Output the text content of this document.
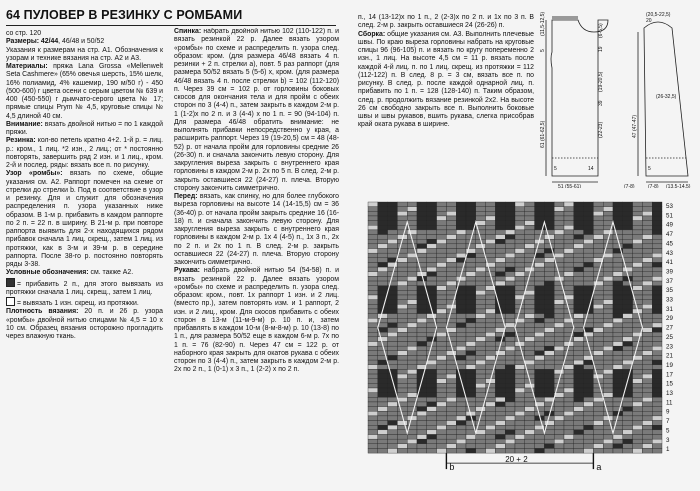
64 ПУЛОВЕР В РЕЗИНКУ С РОМБАМИ

со стр. 120

Размеры: 42/44, 46/48 и 50/52

Указания к размерам на стр. А1. Обозначения к узорам и технике вязания на стр. А2 и А3.

Материалы: пряжа Lana Grossa «Mellenwelt Seta Cashmere» (65% овечья шерсть, 15% шелк, 16% полиамид, 4% кашемир, 190 м/50 г) - 450 (500-600) г цвета осени с серым цветом № 639 и 400 (450-550) г дымчато-серого цвета № 17; прямые спицы Prym № 4,5, круговые спицы № 4,5 длиной 40 см.

Внимание: вязать двойной нитью = по 1 каждой пряжи.

Резинка: кол-во петель кратно 4+2. 1-й р. = лиц. р.: кром., 1 лиц. *2 изн., 2 лиц.; от * постоянно повторять, завершить ряд 2 изн. и 1 лиц., кром. 2-й и послед. ряды: вязать все п. по рисунку.

Узор «ромбы»: вязать по схеме, общие указания см. А2. Раппорт помечен на схеме от стрелки до стрелки b. Под в соответствие в узор и резинку. Для и служит для обозначения распределения п. узора указанных ниже образом. В 1-м р. прибавить в каждом раппорте по 2 п. = 22 п. в ширину. В 21-м р. при повторе раппорта выявить для 2-х находящихся рядом прибавок сначала 1 лиц. скрещ., затем 1 лиц. из протяжки, как в 3-м и 39-м р. в середине раппорта. После 38-го р. постоянно повторять ряды 3-38.

Условные обозначения: см. также А2.

= прибавить 2 п., для этого вывязать из протяжки сначала 1 лиц. скрещ., затем 1 лиц.

= вывязать 1 изн. скрещ. из протяжки.

Плотность вязания: 20 п. и 26 р. узора «ромбы» двойной нитью спицами № 4,5 = 10 х 10 см. Образец вязания осторожно прогладить через влажную ткань.

Спинка: набрать двойной нитью 102 (110-122) п. и вязать резинкой 22 р. Далее вязать узором «ромбы» по схеме и распределить п. узора след. образом: кром. (для размера 46/48 вязать 4 п. резинки + 2 п. стрелки а), повт. 5 раз раппорт (для размера 50/52 вязать 5 (5-6) х, кром. (для размера 46/48 вязать 4 п. после стрелки b) = 102 (112-120) п. Через 39 см = 102 р. от горловины боковых скосов для окончания тела и для пройм с обеих сторон по 3 (4-4) п., затем закрыть в каждом 2-м р. 1 (1-2)х по 2 п. и 3 (4-4) х по 1 п. = 90 (94-104) п. Для размера 46/48 обратить внимание: не выполнять прибавки непосредственно у края, а расширить раппорт. Через 19 (19-20,5) см = 48 (48-52) р. от начала пройм для горловины средние 26 (26-30) п. и сначала закончить левую сторону. Для закругления выреза закрыть с внутреннего края горловины в каждом 2-м р. 2х по 5 п. В след. 2-м р. закрыть оставшиеся 22 (24-27) п. плеча. Вторую сторону закончить симметрично.

Перед: вязать, как спинку, но для более глубокого выреза горловины на высоте 14 (14-15,5) см = 36 (36-40) р. от начала пройм закрыть средние 16 (16-18) п. и сначала закончить левую сторону. Для закругления выреза закрыть с внутреннего края горловины в каждом 2-м р. 1х 4 (4-5) п., 1х 3 п., 2х по 2 п. и 2х по 1 п. В след. 2-м р. закрыть оставшиеся 22 (24-27) п. плеча. Вторую сторону закончить симметрично.

Рукава: набрать двойной нитью 54 (54-58) п. и вязать резинкой 22 р. Далее вязать узором «ромбы» по схеме и распределить п. узора след. образом: кром., повт. 1х раппорт 1 изн. и 2 лиц. (вместо пр.), затем повторять изм. и 1 раппорт, 2 изн. и 2 лиц., кром. Для скосов прибавить с обеих сторон в 13-м (11-м-9-м) р. 10 п. и, затем прибавлять в каждом 10-м (8-м-8-м) р. 10 (13-8) по 1 п., для размера 50/52 еще в каждом 6-м р. 7х по 1 п. = 76 (82-90) п. Через 47 см = 122 р. от наборного края закрыть для окатов рукава с обеих сторон по 3 (4-4) п., затем закрыть в каждом 2-м р. 2х по 2 п., 1 (0-1) х 3 п., 1 (2-2) х по 2 п.

п., 14 (13-12)х по 1 п., 2 (2-3)х по 2 п. и 1х по 3 п. В след. 2-м р. закрыть оставшиеся 24 (26-26) п.

Сборка: общие указания см. А3. Выполнить плечевые швы. По краю выреза горловины набрать на круговые спицы 96 (96-105) п. и вязать по кругу попеременно 2 изн., 1 лиц. На высоте 4,5 см = 11 р. вязать после каждой 4-й лиц. п. по 1 лиц. скрещ. из протяжки = 112 (112-122) п. В след. 8 р. = 3 см, вязать все п. по рисунку. В след. р. после каждой однарной лиц. п. прибавить по 1 п. = 128 (128-140) п. Таким образом, след. р. продолжить вязание резинкой 2х2. На высоте 26 см свободно закрыть все п. Выполнить боковые швы и швы рукавов, вшить рукава, слегка присобрав край оката рукава в ширине.

(11,5-12,5)
5
(6-5,5)
19
(19-20,5)
39
(22-23)
61 (61-62,5)
(20,5-22,5)
20
47 (47-47)
(26-32,5)
5
(7-8) (13,5-14,5)
51 (55-61)
5	14
(7-8)
53
51
49
47
45
43
41
39
37
35
33
31
29
27
25
23
21
19
17
15
13
11
9
7
5
3
1
b	a
20 + 2
